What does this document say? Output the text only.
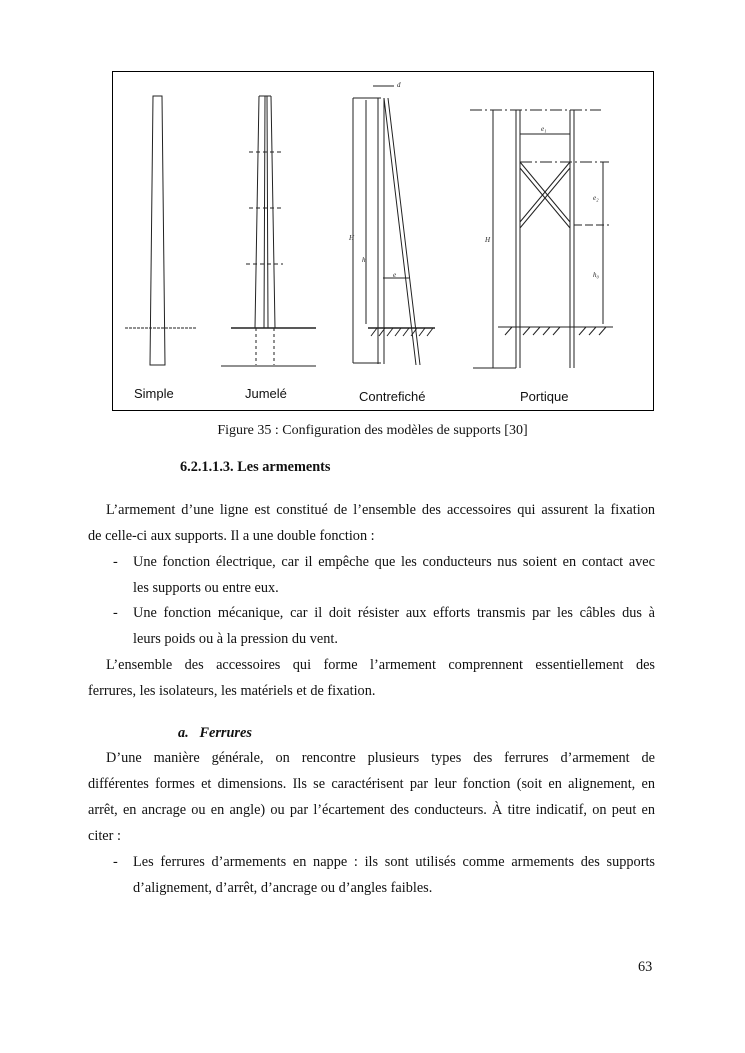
d
H
h
e
e₁
e₂
h₀
H
Simple	Jumelé	Contrefiché	Portique
Figure 35 : Configuration des modèles de supports [30]
6.2.1.1.3. Les armements
L’armement d’une ligne est constitué de l’ensemble des accessoires qui assurent la fixation
de celle-ci aux supports. Il a une double fonction :
- Une fonction électrique, car il empêche que les conducteurs nus soient en contact avec
les supports ou entre eux.
- Une fonction mécanique, car il doit résister aux efforts transmis par les câbles dus à
leurs poids ou à la pression du vent.
L’ensemble des accessoires qui forme l’armement comprennent essentiellement des
ferrures, les isolateurs, les matériels et de fixation.
a.   Ferrures
D’une manière générale, on rencontre plusieurs types des ferrures d’armement de
différentes formes et dimensions. Ils se caractérisent par leur fonction (soit en alignement, en
arrêt, en ancrage ou en angle) ou par l’écartement des conducteurs. À titre indicatif, on peut en
citer :
- Les ferrures d’armements en nappe : ils sont utilisés comme armements des supports
d’alignement, d’arrêt, d’ancrage ou d’angles faibles.
63
